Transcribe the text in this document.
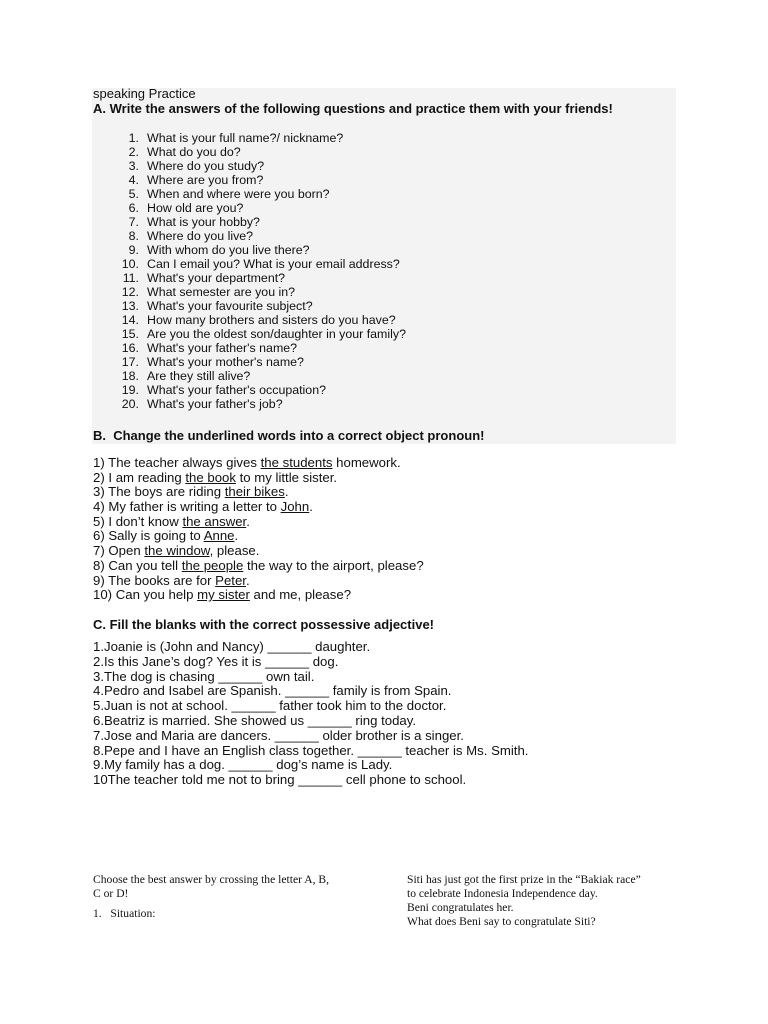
speaking Practice
A. Write the answers of the following questions and practice them with your friends!
1. What is your full name?/ nickname?
2. What do you do?
3. Where do you study?
4. Where are you from?
5. When and where were you born?
6. How old are you?
7. What is your hobby?
8. Where do you live?
9. With whom do you live there?
10. Can I email you? What is your email address?
11. What's your department?
12. What semester are you in?
13. What's your favourite subject?
14. How many brothers and sisters do you have?
15. Are you the oldest son/daughter in your family?
16. What's your father's name?
17. What's your mother's name?
18. Are they still alive?
19. What's your father's occupation?
20. What's your father's job?
B.  Change the underlined words into a correct object pronoun!
1) The teacher always gives the students homework.
2) I am reading the book to my little sister.
3) The boys are riding their bikes.
4) My father is writing a letter to John.
5) I don’t know the answer.
6) Sally is going to Anne.
7) Open the window, please.
8) Can you tell the people the way to the airport, please?
9) The books are for Peter.
10) Can you help my sister and me, please?
C. Fill the blanks with the correct possessive adjective!
1.Joanie is (John and Nancy) ______ daughter.
2.Is this Jane’s dog? Yes it is ______ dog.
3.The dog is chasing ______ own tail.
4.Pedro and Isabel are Spanish. ______ family is from Spain.
5.Juan is not at school. ______ father took him to the doctor.
6.Beatriz is married. She showed us ______ ring today.
7.Jose and Maria are dancers. ______ older brother is a singer.
8.Pepe and I have an English class together. ______ teacher is Ms. Smith.
9.My family has a dog. ______ dog’s name is Lady.
10The teacher told me not to bring ______ cell phone to school.
Choose the best answer by crossing the letter A, B,
C or D!
1.   Situation:
Siti has just got the first prize in the “Bakiak race”
to celebrate Indonesia Independence day.
Beni congratulates her.
What does Beni say to congratulate Siti?
